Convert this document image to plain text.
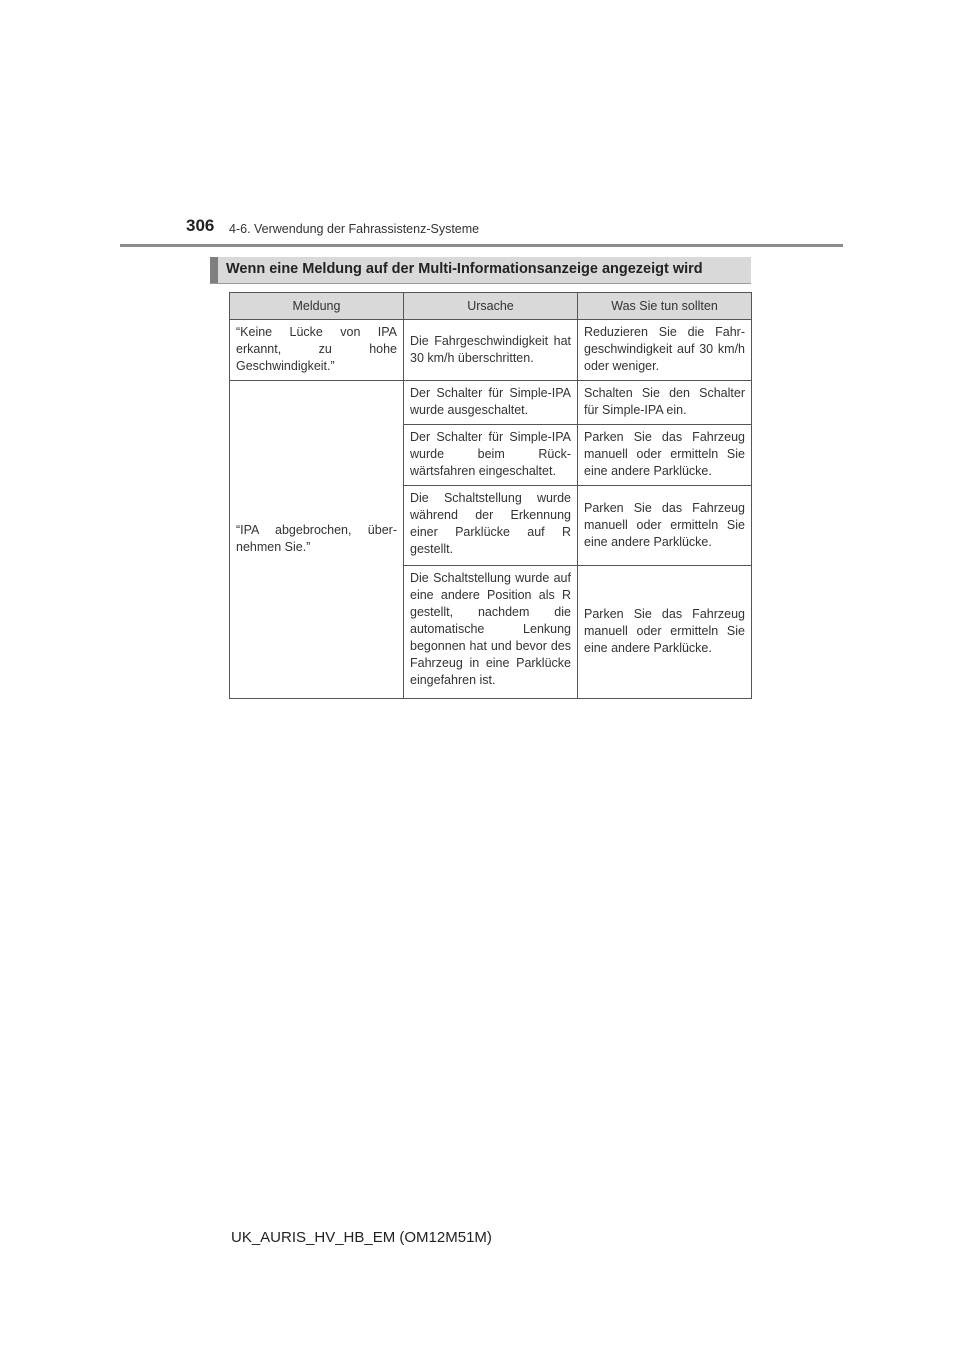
306 4-6. Verwendung der Fahrassistenz-Systeme
Wenn eine Meldung auf der Multi-Informationsanzeige angezeigt wird
Meldung	Ursache	Was Sie tun sollten
“Keine Lücke von IPA erkannt, zu hohe Geschwindigkeit.”	Die Fahrgeschwindigkeit hat 30 km/h überschritten.	Reduzieren Sie die Fahr-geschwindigkeit auf 30 km/h oder weniger.
“IPA abgebrochen, über-nehmen Sie.”	Der Schalter für Simple-IPA wurde ausgeschaltet.	Schalten Sie den Schalter für Simple-IPA ein.
	Der Schalter für Simple-IPA wurde beim Rück-wärtsfahren eingeschaltet.	Parken Sie das Fahrzeug manuell oder ermitteln Sie eine andere Parklücke.
	Die Schaltstellung wurde während der Erkennung einer Parklücke auf R gestellt.	Parken Sie das Fahrzeug manuell oder ermitteln Sie eine andere Parklücke.
	Die Schaltstellung wurde auf eine andere Position als R gestellt, nachdem die automatische Lenkung begonnen hat und bevor des Fahrzeug in eine Parklücke eingefahren ist.	Parken Sie das Fahrzeug manuell oder ermitteln Sie eine andere Parklücke.
UK_AURIS_HV_HB_EM (OM12M51M)
